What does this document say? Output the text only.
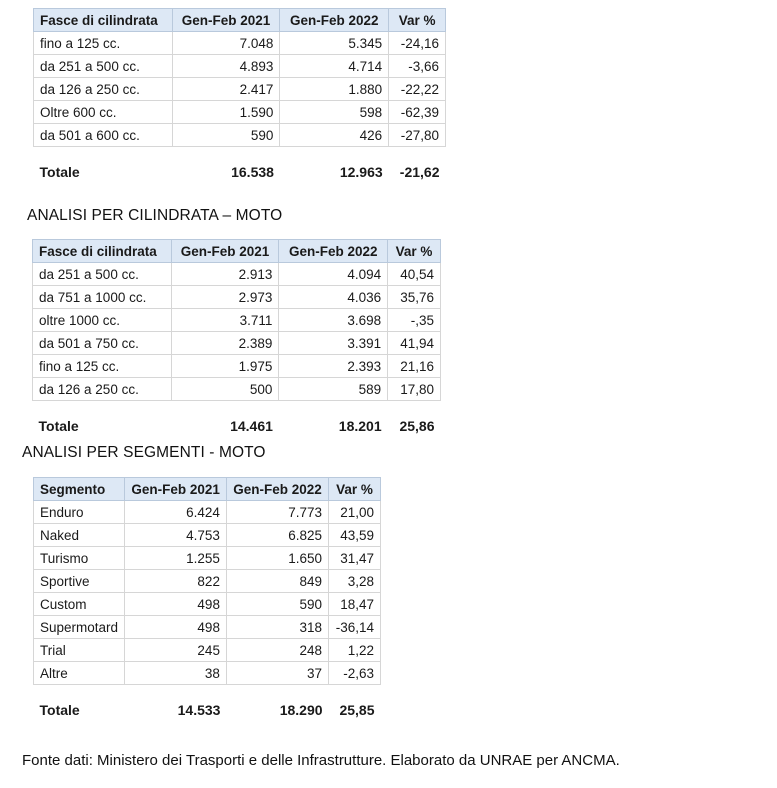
Fasce di cilindrata	Gen-Feb 2021	Gen-Feb 2022	Var %
fino a 125 cc.	7.048	5.345	-24,16
da 251 a 500 cc.	4.893	4.714	-3,66
da 126 a 250 cc.	2.417	1.880	-22,22
Oltre 600 cc.	1.590	598	-62,39
da 501 a 600 cc.	590	426	-27,80

Totale	16.538	12.963	-21,62
ANALISI PER CILINDRATA – MOTO
Fasce di cilindrata	Gen-Feb 2021	Gen-Feb 2022	Var %
da 251 a 500 cc.	2.913	4.094	40,54
da 751 a 1000 cc.	2.973	4.036	35,76
oltre 1000 cc.	3.711	3.698	-,35
da 501 a 750 cc.	2.389	3.391	41,94
fino a 125 cc.	1.975	2.393	21,16
da 126 a 250 cc.	500	589	17,80

Totale	14.461	18.201	25,86
ANALISI PER SEGMENTI - MOTO
Segmento	Gen-Feb 2021	Gen-Feb 2022	Var %
Enduro	6.424	7.773	21,00
Naked	4.753	6.825	43,59
Turismo	1.255	1.650	31,47
Sportive	822	849	3,28
Custom	498	590	18,47
Supermotard	498	318	-36,14
Trial	245	248	1,22
Altre	38	37	-2,63

Totale	14.533	18.290	25,85
Fonte dati: Ministero dei Trasporti e delle Infrastrutture. Elaborato da UNRAE per ANCMA.
